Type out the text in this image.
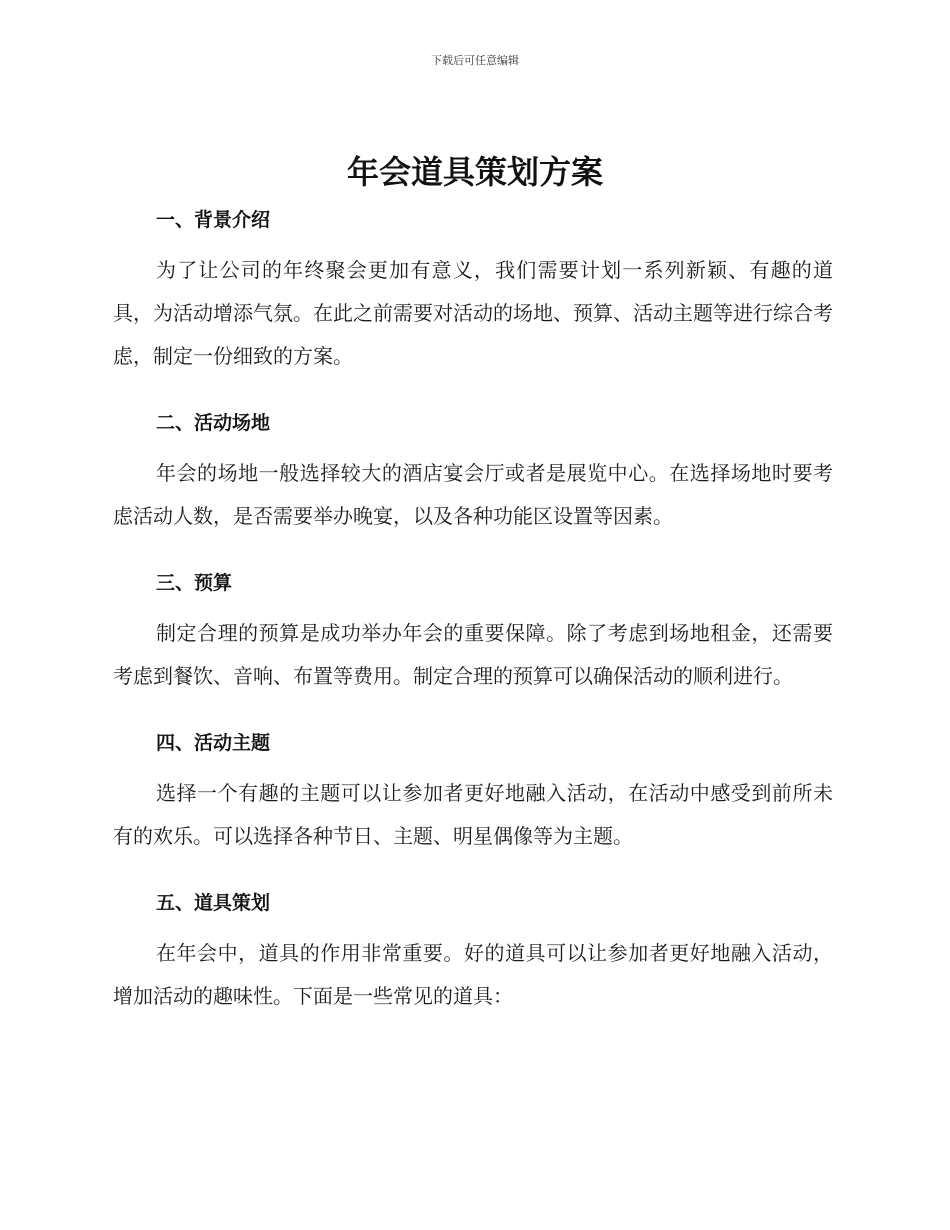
下载后可任意编辑
年会道具策划方案
一、背景介绍

为了让公司的年终聚会更加有意义，我们需要计划一系列新颖、有趣的道具，为活动增添气氛。在此之前需要对活动的场地、预算、活动主题等进行综合考虑，制定一份细致的方案。

二、活动场地

年会的场地一般选择较大的酒店宴会厅或者是展览中心。在选择场地时要考虑活动人数，是否需要举办晚宴，以及各种功能区设置等因素。

三、预算

制定合理的预算是成功举办年会的重要保障。除了考虑到场地租金，还需要考虑到餐饮、音响、布置等费用。制定合理的预算可以确保活动的顺利进行。

四、活动主题

选择一个有趣的主题可以让参加者更好地融入活动，在活动中感受到前所未有的欢乐。可以选择各种节日、主题、明星偶像等为主题。

五、道具策划

在年会中，道具的作用非常重要。好的道具可以让参加者更好地融入活动，增加活动的趣味性。下面是一些常见的道具：
